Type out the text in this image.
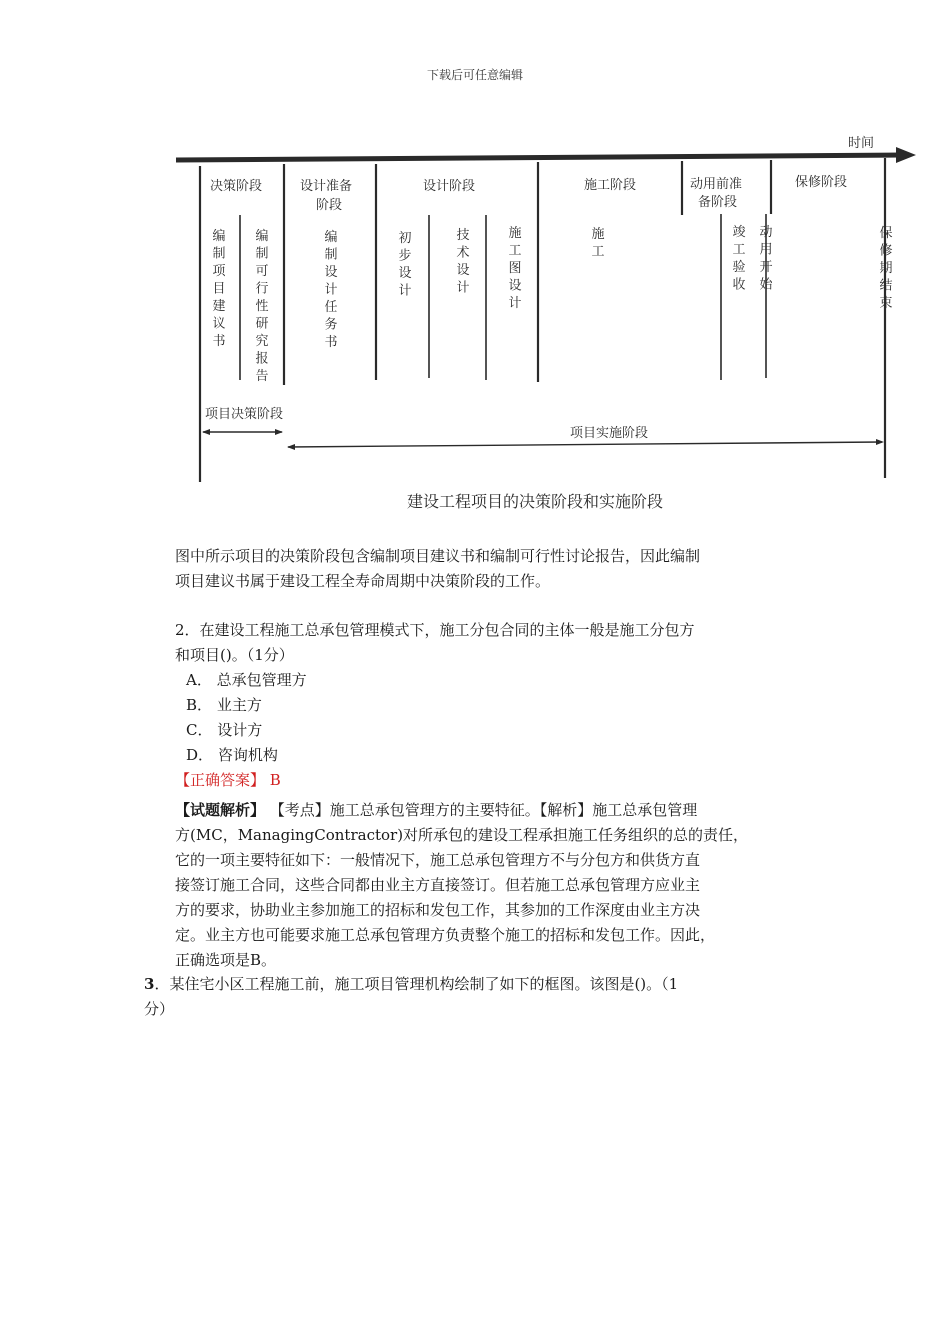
下载后可任意编辑
时间
决策阶段	设计准备
阶段
设计阶段	施工阶段	动用前准
备阶段
保修阶段
编制项目建议书
编制可行性研究报告
编制设计任务书
初步设计
技术设计
施工图设计
施工
竣工验收
动用开始
保修期结束
项目决策阶段
项目实施阶段
建设工程项目的决策阶段和实施阶段
图中所示项目的决策阶段包含编制项目建议书和编制可行性讨论报告，因此编制
项目建议书属于建设工程全寿命周期中决策阶段的工作。
2．在建设工程施工总承包管理模式下，施工分包合同的主体一般是施工分包方
和项目()。（1分）
A． 总承包管理方
B． 业主方
C． 设计方
D． 咨询机构
【正确答案】 B
【试题解析】 【考点】施工总承包管理方的主要特征。【解析】施工总承包管理
方(MC，ManagingContractor)对所承包的建设工程承担施工任务组织的总的责任，
它的一项主要特征如下：一般情况下，施工总承包管理方不与分包方和供货方直
接签订施工合同，这些合同都由业主方直接签订。但若施工总承包管理方应业主
方的要求，协助业主参加施工的招标和发包工作，其参加的工作深度由业主方决
定。业主方也可能要求施工总承包管理方负责整个施工的招标和发包工作。因此，
正确选项是B。
3．某住宅小区工程施工前，施工项目管理机构绘制了如下的框图。该图是()。（1
分）
